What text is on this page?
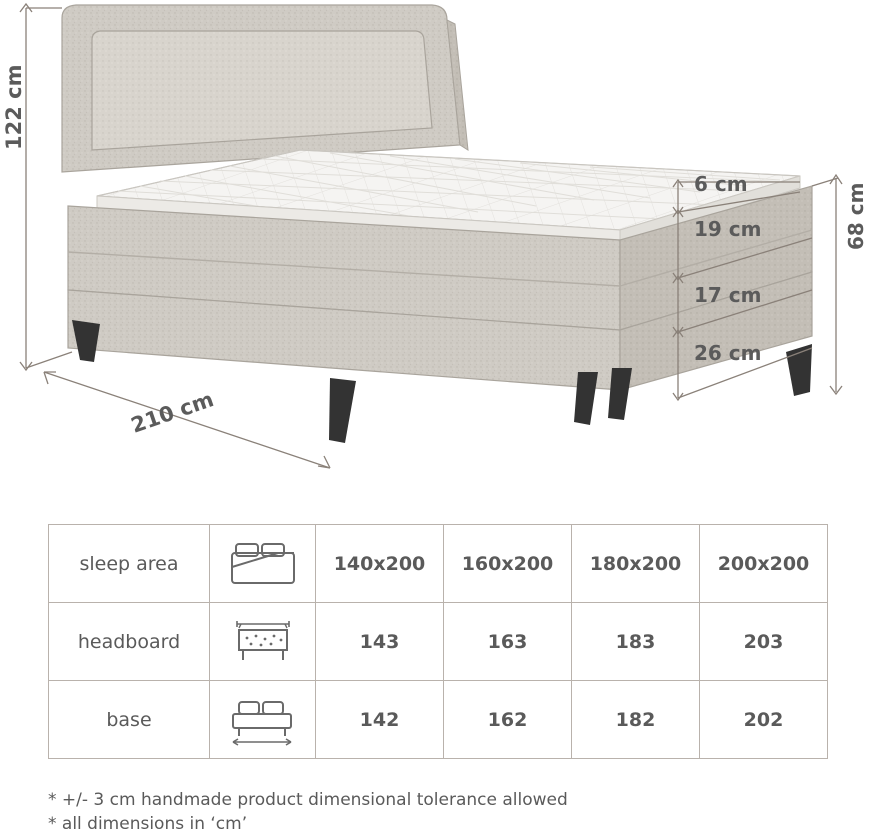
122 cm
68 cm
210 cm
6 cm
19 cm
17 cm
26 cm
sleep area		140x200	160x200	180x200	200x200
headboard		143	163	183	203
base		142	162	182	202
* +/- 3 cm handmade product dimensional tolerance allowed
* all dimensions in ‘cm’
